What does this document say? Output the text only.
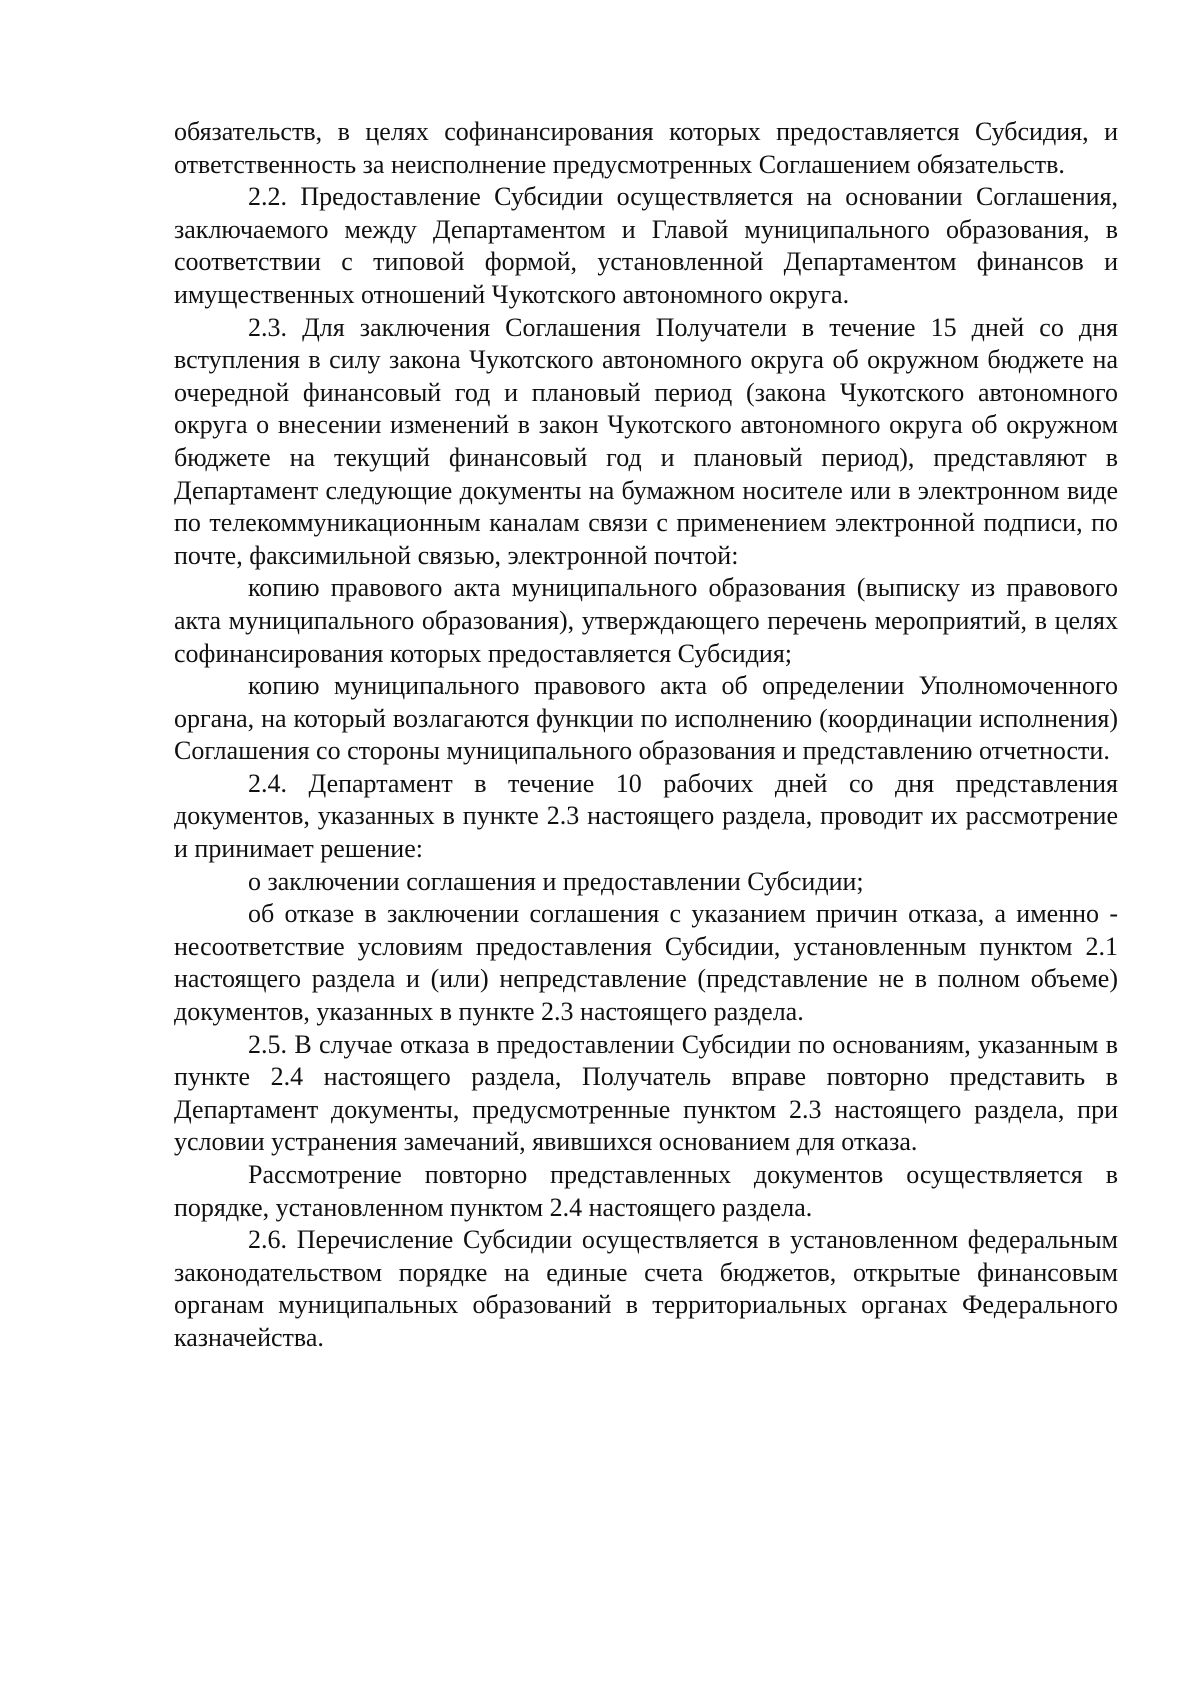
обязательств, в целях софинансирования которых предоставляется Субсидия, и ответственность за неисполнение предусмотренных Соглашением обязательств.

2.2. Предоставление Субсидии осуществляется на основании Соглашения, заключаемого между Департаментом и Главой муниципального образования, в соответствии с типовой формой, установленной Департаментом финансов и имущественных отношений Чукотского автономного округа.

2.3. Для заключения Соглашения Получатели в течение 15 дней со дня вступления в силу закона Чукотского автономного округа об окружном бюджете на очередной финансовый год и плановый период (закона Чукотского автономного округа о внесении изменений в закон Чукотского автономного округа об окружном бюджете на текущий финансовый год и плановый период), представляют в Департамент следующие документы на бумажном носителе или в электронном виде по телекоммуникационным каналам связи с применением электронной подписи, по почте, факсимильной связью, электронной почтой:

копию правового акта муниципального образования (выписку из правового акта муниципального образования), утверждающего перечень мероприятий, в целях софинансирования которых предоставляется Субсидия;

копию муниципального правового акта об определении Уполномоченного органа, на который возлагаются функции по исполнению (координации исполнения) Соглашения со стороны муниципального образования и представлению отчетности.

2.4. Департамент в течение 10 рабочих дней со дня представления документов, указанных в пункте 2.3 настоящего раздела, проводит их рассмотрение и принимает решение:

о заключении соглашения и предоставлении Субсидии;

об отказе в заключении соглашения с указанием причин отказа, а именно - несоответствие условиям предоставления Субсидии, установленным пунктом 2.1 настоящего раздела и (или) непредставление (представление не в полном объеме) документов, указанных в пункте 2.3 настоящего раздела.

2.5. В случае отказа в предоставлении Субсидии по основаниям, указанным в пункте 2.4 настоящего раздела, Получатель вправе повторно представить в Департамент документы, предусмотренные пунктом 2.3 настоящего раздела, при условии устранения замечаний, явившихся основанием для отказа.

Рассмотрение повторно представленных документов осуществляется в порядке, установленном пунктом 2.4 настоящего раздела.

2.6. Перечисление Субсидии осуществляется в установленном федеральным законодательством порядке на единые счета бюджетов, открытые финансовым органам муниципальных образований в территориальных органах Федерального казначейства.
